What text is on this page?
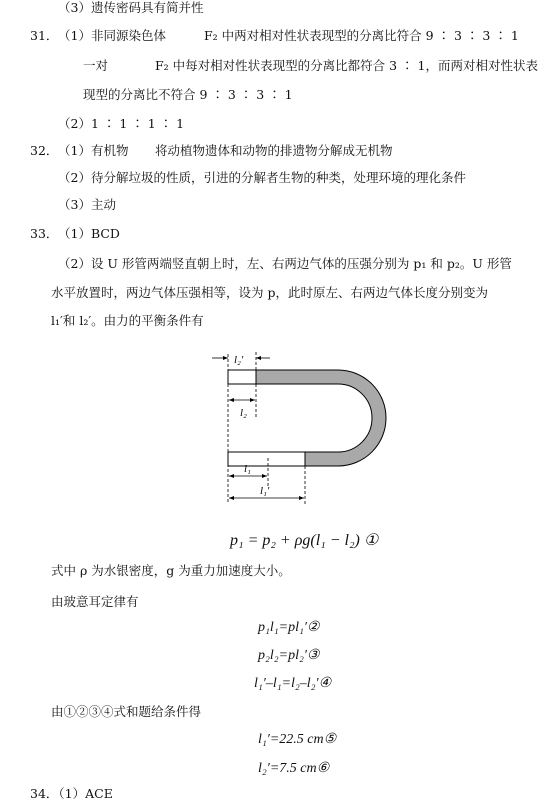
（3）遗传密码具有简并性
31． （1）非同源染色体	F₂ 中两对相对性状表现型的分离比符合 9 ∶ 3 ∶ 3 ∶ 1
一对	F₂ 中每对相对性状表现型的分离比都符合 3 ∶ 1，而两对相对性状表
现型的分离比不符合 9 ∶ 3 ∶ 3 ∶ 1
（2）1 ∶ 1 ∶ 1 ∶ 1
32． （1）有机物 将动植物遗体和动物的排遗物分解成无机物
（2）待分解垃圾的性质，引进的分解者生物的种类，处理环境的理化条件
（3）主动
33． （1）BCD
（2）设 U 形管两端竖直朝上时，左、右两边气体的压强分别为 p₁ 和 p₂。U 形管
水平放置时，两边气体压强相等，设为 p，此时原左、右两边气体长度分别变为
l₁′和 l₂′。由力的平衡条件有
l₂′
l₂
l₁
l₁′
p₁ = p₂ + ρg(l₁ − l₂) ①
式中 ρ 为水银密度，g 为重力加速度大小。
由玻意耳定律有
p₁l₁=pl₁′②
p₂l₂=pl₂′③
l₁′–l₁=l₂–l₂′④
由①②③④式和题给条件得
l₁′=22.5 cm⑤
l₂′=7.5 cm⑥
34．（1）ACE
